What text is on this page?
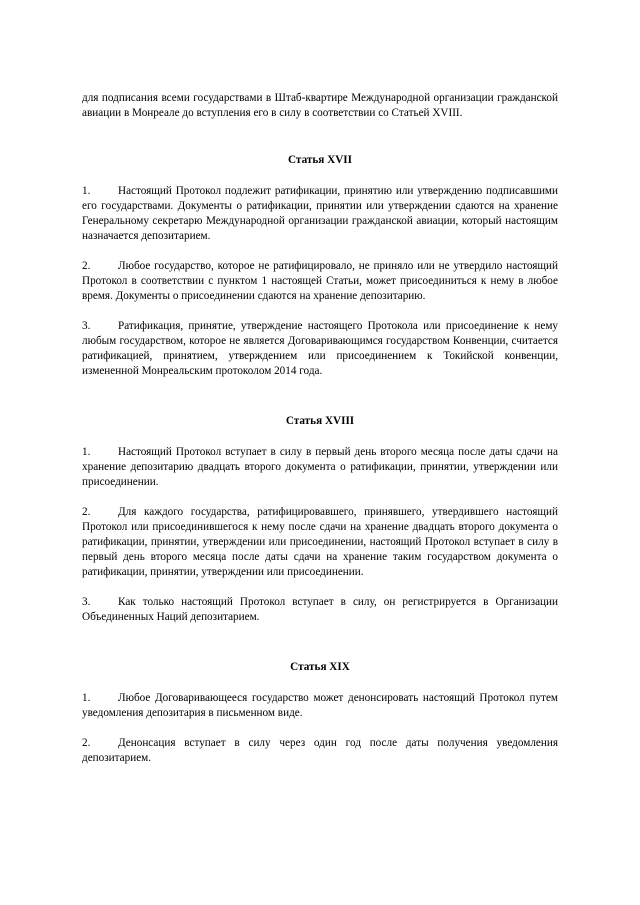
для подписания всеми государствами в Штаб-квартире Международной организации гражданской авиации в Монреале до вступления его в силу в соответствии со Статьей XVIII.

Статья XVII

1. Настоящий Протокол подлежит ратификации, принятию или утверждению подписавшими его государствами. Документы о ратификации, принятии или утверждении сдаются на хранение Генеральному секретарю Международной организации гражданской авиации, который настоящим назначается депозитарием.

2. Любое государство, которое не ратифицировало, не приняло или не утвердило настоящий Протокол в соответствии с пунктом 1 настоящей Статьи, может присоединиться к нему в любое время. Документы о присоединении сдаются на хранение депозитарию.

3. Ратификация, принятие, утверждение настоящего Протокола или присоединение к нему любым государством, которое не является Договаривающимся государством Конвенции, считается ратификацией, принятием, утверждением или присоединением к Токийской конвенции, измененной Монреальским протоколом 2014 года.

Статья XVIII

1. Настоящий Протокол вступает в силу в первый день второго месяца после даты сдачи на хранение депозитарию двадцать второго документа о ратификации, принятии, утверждении или присоединении.

2. Для каждого государства, ратифицировавшего, принявшего, утвердившего настоящий Протокол или присоединившегося к нему после сдачи на хранение двадцать второго документа о ратификации, принятии, утверждении или присоединении, настоящий Протокол вступает в силу в первый день второго месяца после даты сдачи на хранение таким государством документа о ратификации, принятии, утверждении или присоединении.

3. Как только настоящий Протокол вступает в силу, он регистрируется в Организации Объединенных Наций депозитарием.

Статья XIX

1. Любое Договаривающееся государство может денонсировать настоящий Протокол путем уведомления депозитария в письменном виде.

2. Денонсация вступает в силу через один год после даты получения уведомления депозитарием.
